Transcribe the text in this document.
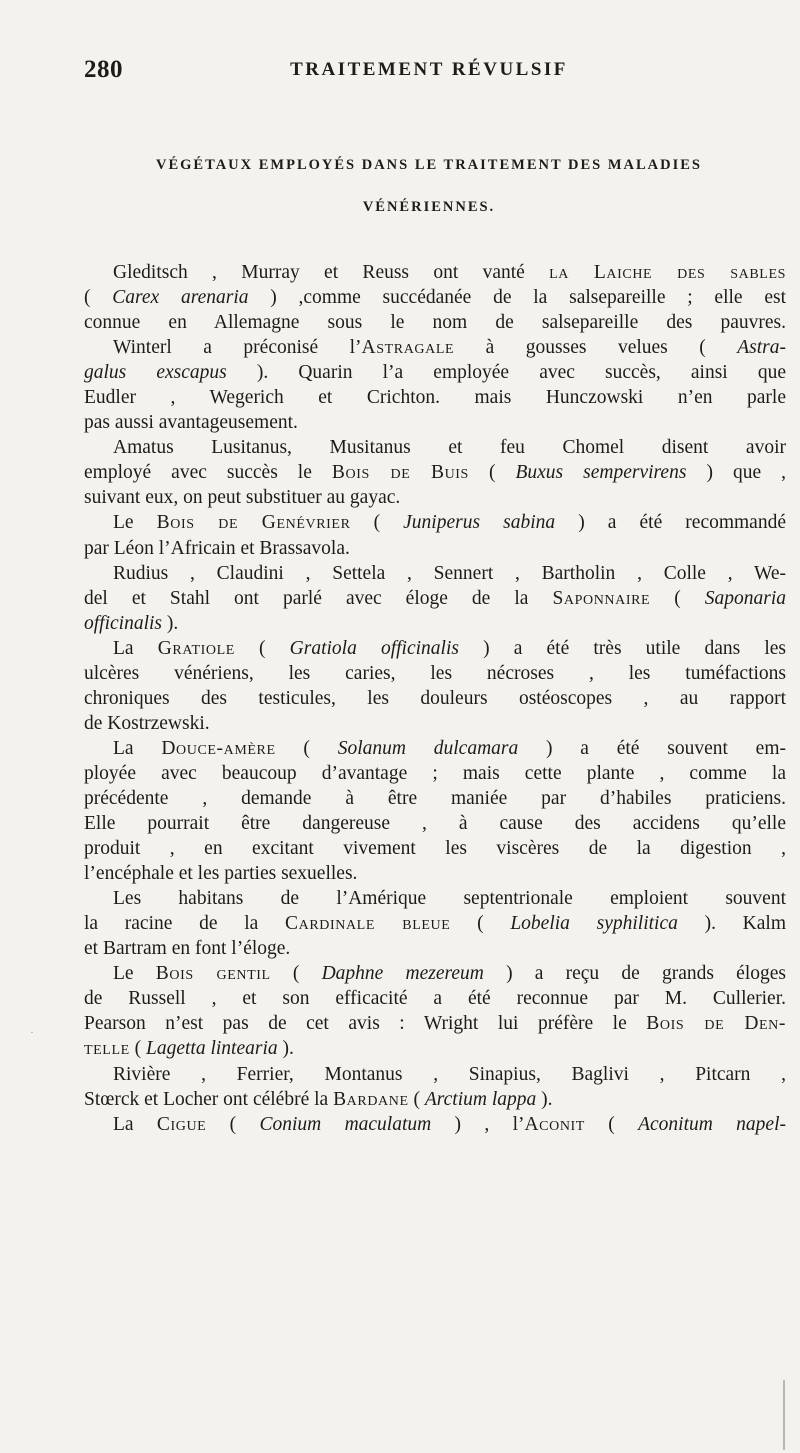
280	TRAITEMENT RÉVULSIF
VÉGÉTAUX EMPLOYÉS DANS LE TRAITEMENT DES MALADIES
VÉNÉRIENNES.
Gleditsch , Murray et Reuss ont vanté la Laiche des sables
( Carex arenaria ) ,comme succédanée de la salsepareille ; elle est
connue en Allemagne sous le nom de salsepareille des pauvres.
Winterl a préconisé l’Astragale à gousses velues ( Astra-
galus exscapus ). Quarin l’a employée avec succès, ainsi que
Eudler , Wegerich et Crichton. mais Hunczowski n’en parle
pas aussi avantageusement.
Amatus Lusitanus, Musitanus et feu Chomel disent avoir
employé avec succès le Bois de Buis ( Buxus sempervirens ) que ,
suivant eux, on peut substituer au gayac.
Le Bois de Genévrier ( Juniperus sabina ) a été recommandé
par Léon l’Africain et Brassavola.
Rudius , Claudini , Settela , Sennert , Bartholin , Colle , We-
del et Stahl ont parlé avec éloge de la Saponnaire ( Saponaria
officinalis ).
La Gratiole ( Gratiola officinalis ) a été très utile dans les
ulcères vénériens, les caries, les nécroses , les tuméfactions
chroniques des testicules, les douleurs ostéoscopes , au rapport
de Kostrzewski.
La Douce-amère ( Solanum dulcamara ) a été souvent em-
ployée avec beaucoup d’avantage ; mais cette plante , comme la
précédente , demande à être maniée par d’habiles praticiens.
Elle pourrait être dangereuse , à cause des accidens qu’elle
produit , en excitant vivement les viscères de la digestion ,
l’encéphale et les parties sexuelles.
Les habitans de l’Amérique septentrionale emploient souvent
la racine de la Cardinale bleue ( Lobelia syphilitica ). Kalm
et Bartram en font l’éloge.
Le Bois gentil ( Daphne mezereum ) a reçu de grands éloges
de Russell , et son efficacité a été reconnue par M. Cullerier.
Pearson n’est pas de cet avis : Wright lui préfère le Bois de Den-
telle ( Lagetta lintearia ).
Rivière , Ferrier, Montanus , Sinapius, Baglivi , Pitcarn ,
Stœrck et Locher ont célébré la Bardane ( Arctium lappa ).
La Cigue ( Conium maculatum ) , l’Aconit ( Aconitum napel-
·
